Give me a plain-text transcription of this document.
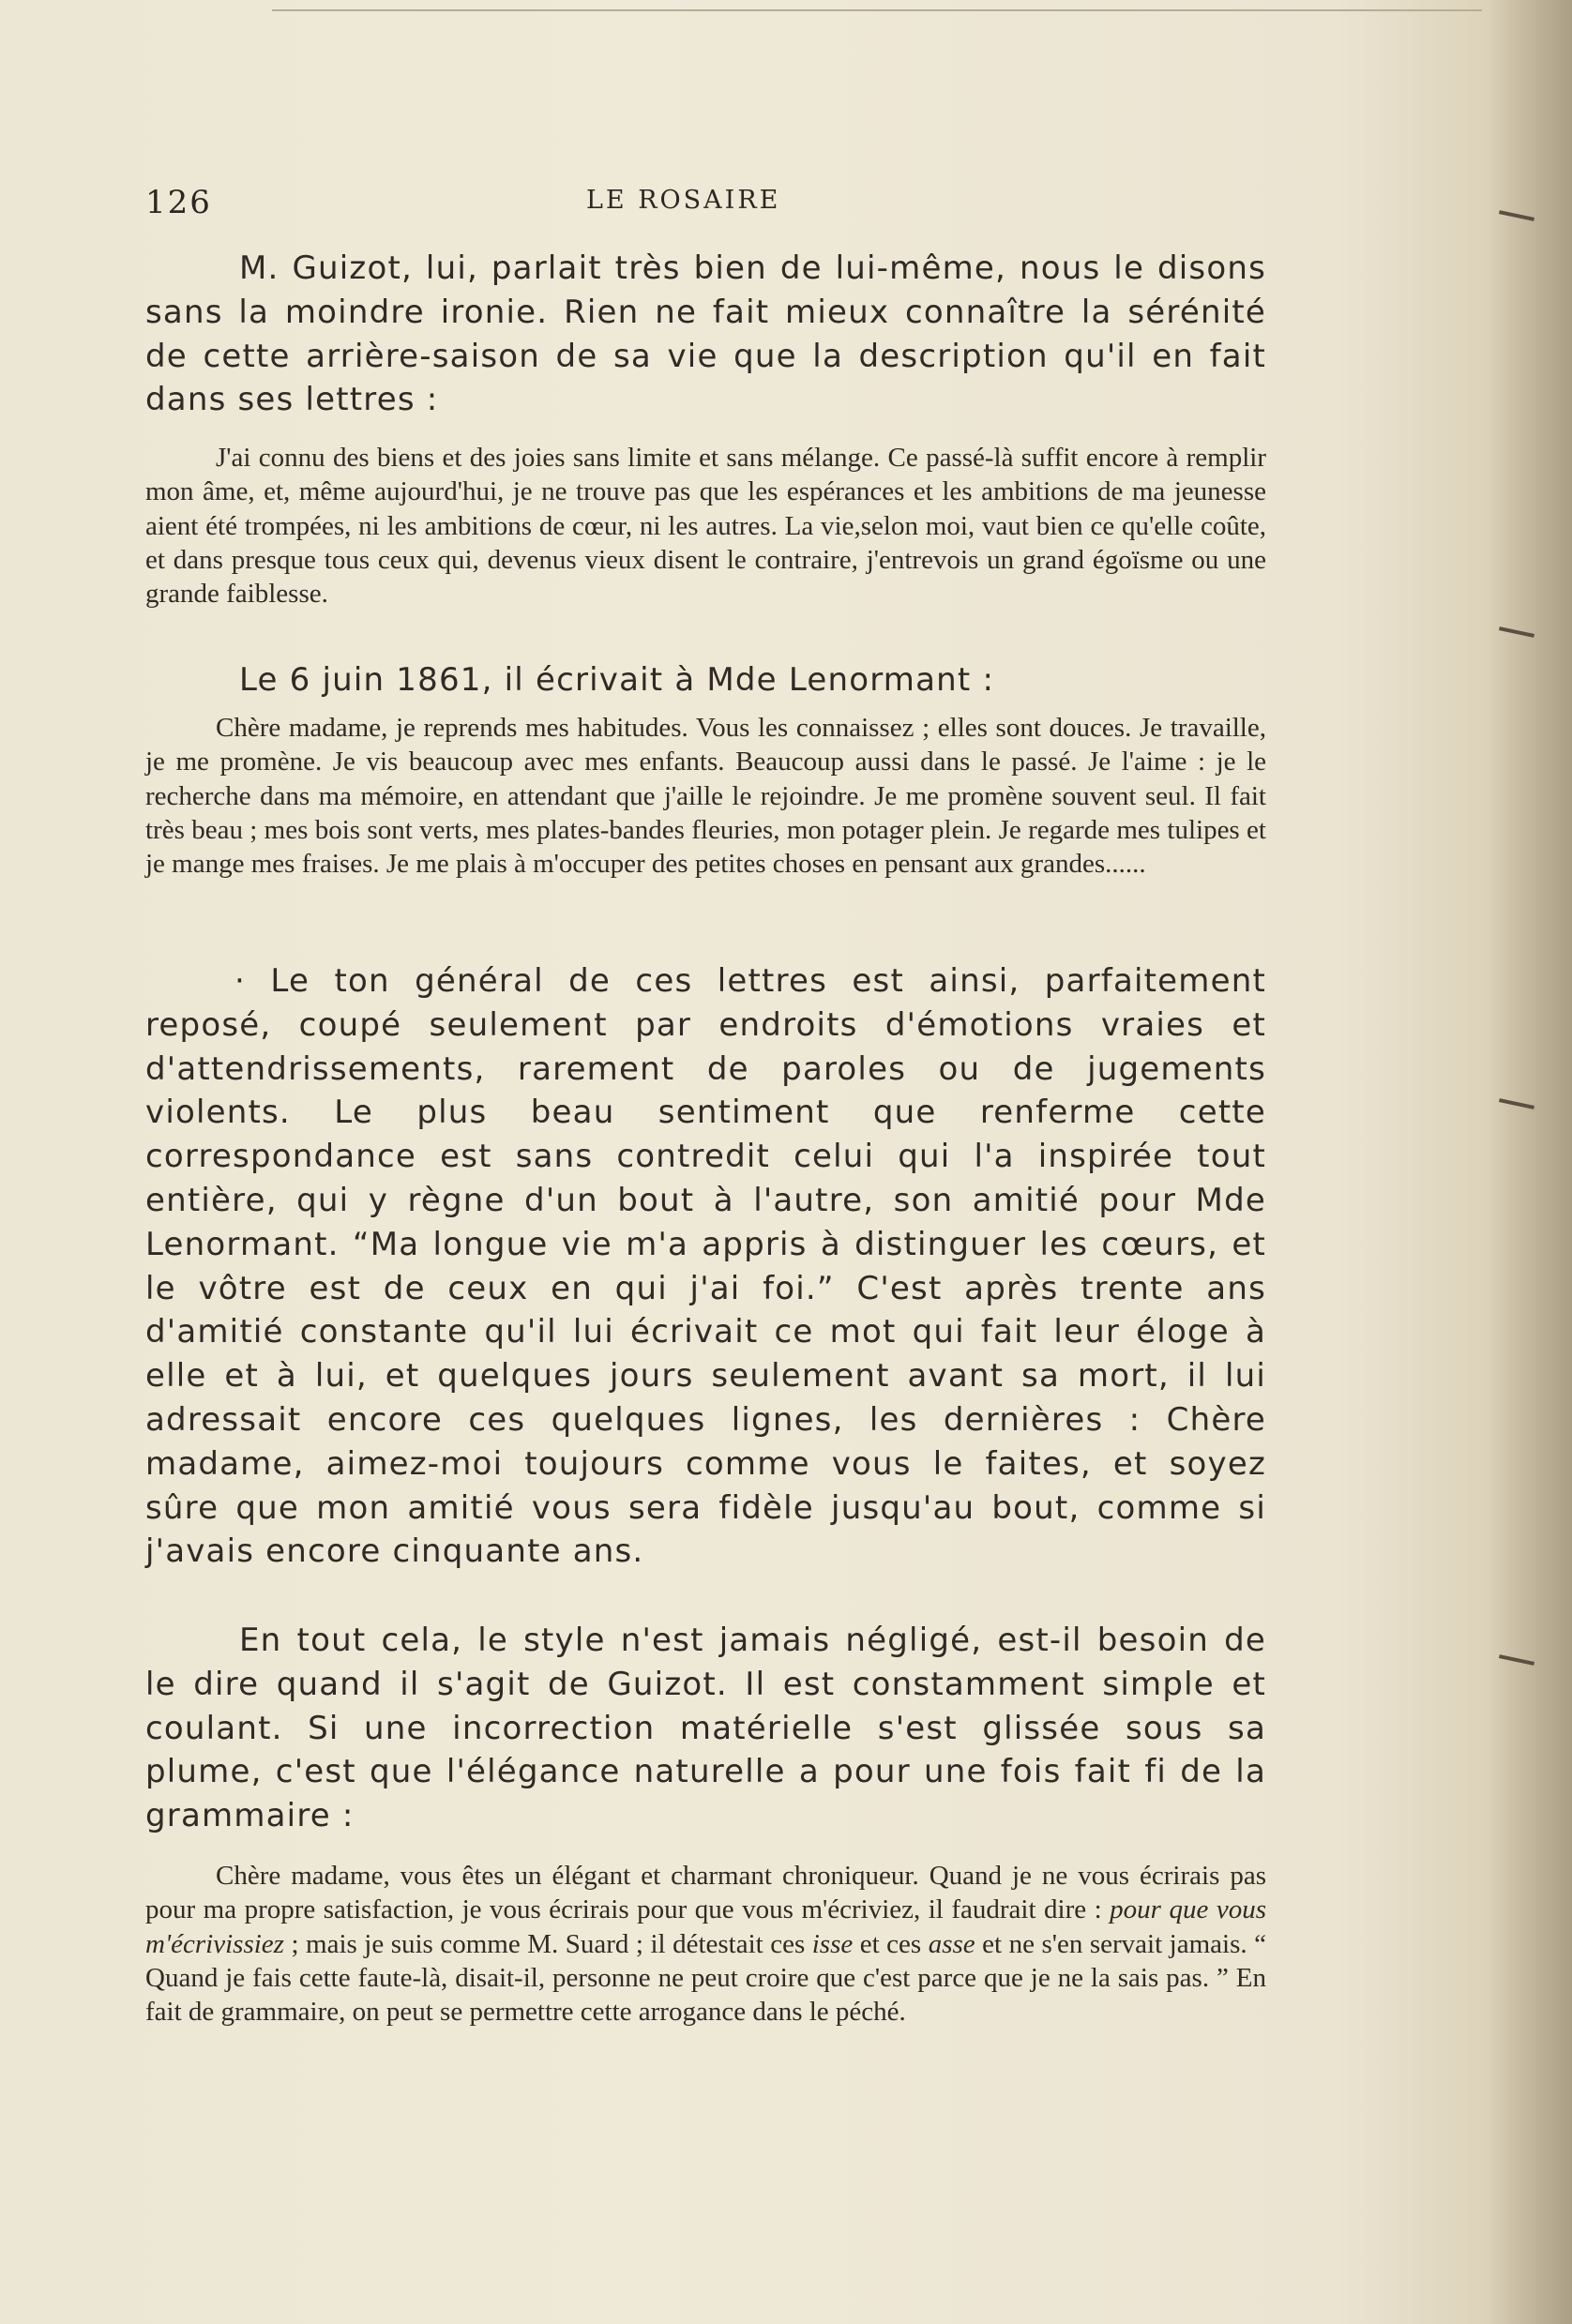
126	LE ROSAIRE

M. Guizot, lui, parlait très bien de lui-même, nous le disons sans la moindre ironie. Rien ne fait mieux connaître la sérénité de cette arrière-saison de sa vie que la description qu'il en fait dans ses lettres :

J'ai connu des biens et des joies sans limite et sans mélange. Ce passé-là suffit encore à remplir mon âme, et, même aujourd'hui, je ne trouve pas que les espérances et les ambitions de ma jeunesse aient été trompées, ni les ambitions de cœur, ni les autres. La vie,selon moi, vaut bien ce qu'elle coûte, et dans presque tous ceux qui, devenus vieux disent le contraire, j'entrevois un grand égoïsme ou une grande faiblesse.

Le 6 juin 1861, il écrivait à Mde Lenormant :

Chère madame, je reprends mes habitudes. Vous les connaissez ; elles sont douces. Je travaille, je me promène. Je vis beaucoup avec mes enfants. Beaucoup aussi dans le passé. Je l'aime : je le recherche dans ma mémoire, en attendant que j'aille le rejoindre. Je me promène souvent seul. Il fait très beau ; mes bois sont verts, mes plates-bandes fleuries, mon potager plein. Je regarde mes tulipes et je mange mes fraises. Je me plais à m'occuper des petites choses en pensant aux grandes......

· Le ton général de ces lettres est ainsi, parfaitement reposé, coupé seulement par endroits d'émotions vraies et d'attendrissements, rarement de paroles ou de jugements violents. Le plus beau sentiment que renferme cette correspondance est sans contredit celui qui l'a inspirée tout entière, qui y règne d'un bout à l'autre, son amitié pour Mde Lenormant. “Ma longue vie m'a appris à distinguer les cœurs, et le vôtre est de ceux en qui j'ai foi.” C'est après trente ans d'amitié constante qu'il lui écrivait ce mot qui fait leur éloge à elle et à lui, et quelques jours seulement avant sa mort, il lui adressait encore ces quelques lignes, les dernières : Chère madame, aimez-moi toujours comme vous le faites, et soyez sûre que mon amitié vous sera fidèle jusqu'au bout, comme si j'avais encore cinquante ans.

En tout cela, le style n'est jamais négligé, est-il besoin de le dire quand il s'agit de Guizot. Il est constamment simple et coulant. Si une incorrection matérielle s'est glissée sous sa plume, c'est que l'élégance naturelle a pour une fois fait fi de la grammaire :

Chère madame, vous êtes un élégant et charmant chroniqueur. Quand je ne vous écrirais pas pour ma propre satisfaction, je vous écrirais pour que vous m'écriviez, il faudrait dire : pour que vous m'écrivissiez ; mais je suis comme M. Suard ; il détestait ces isse et ces asse et ne s'en servait jamais. “ Quand je fais cette faute-là, disait-il, personne ne peut croire que c'est parce que je ne la sais pas. ” En fait de grammaire, on peut se permettre cette arrogance dans le péché.
